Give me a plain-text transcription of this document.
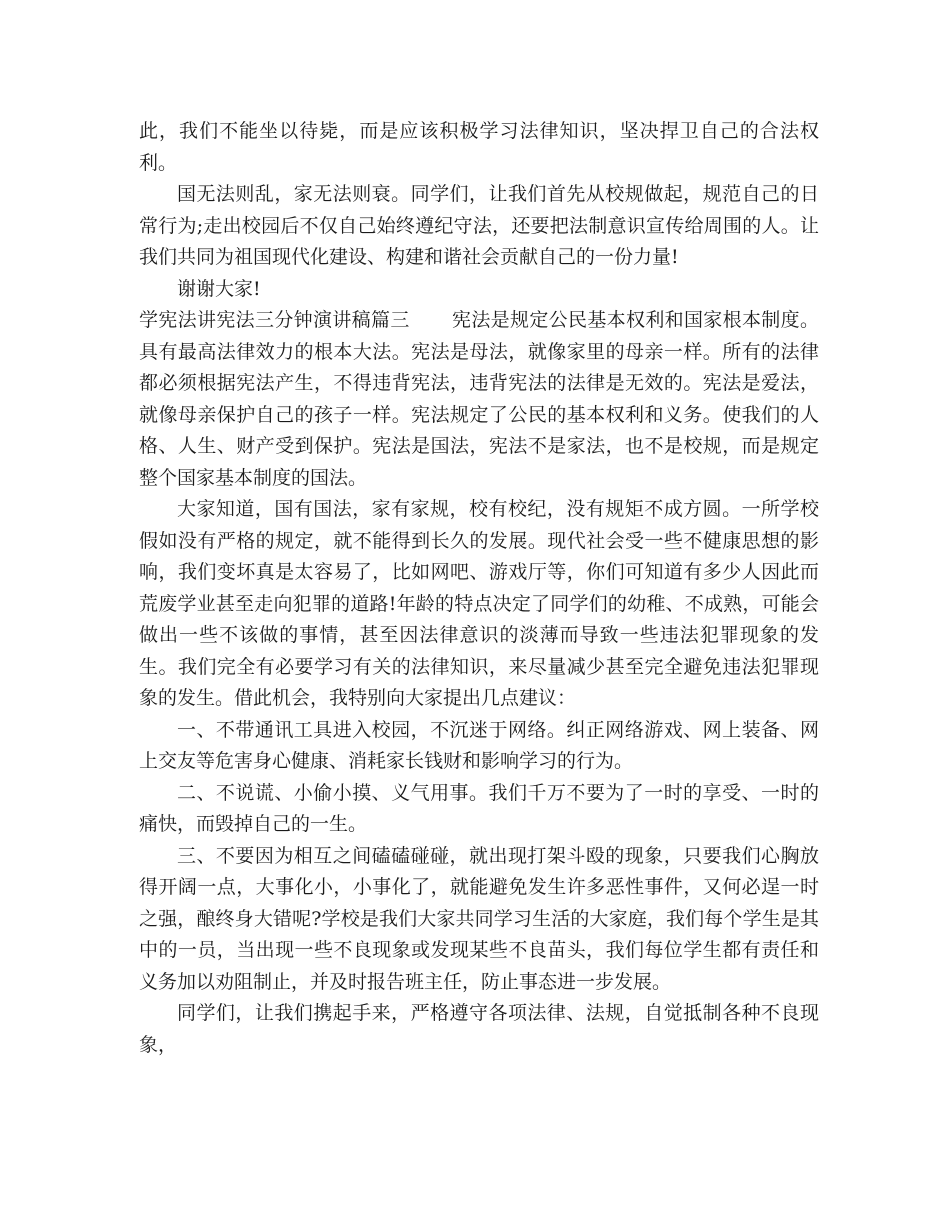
此，我们不能坐以待毙，而是应该积极学习法律知识，坚决捍卫自己的合法权利。

国无法则乱，家无法则衰。同学们，让我们首先从校规做起，规范自己的日常行为;走出校园后不仅自己始终遵纪守法，还要把法制意识宣传给周围的人。让我们共同为祖国现代化建设、构建和谐社会贡献自己的一份力量!

谢谢大家!

学宪法讲宪法三分钟演讲稿篇三 宪法是规定公民基本权利和国家根本制度。具有最高法律效力的根本大法。宪法是母法，就像家里的母亲一样。所有的法律都必须根据宪法产生，不得违背宪法，违背宪法的法律是无效的。宪法是爱法，就像母亲保护自己的孩子一样。宪法规定了公民的基本权利和义务。使我们的人格、人生、财产受到保护。宪法是国法，宪法不是家法，也不是校规，而是规定整个国家基本制度的国法。

大家知道，国有国法，家有家规，校有校纪，没有规矩不成方圆。一所学校假如没有严格的规定，就不能得到长久的发展。现代社会受一些不健康思想的影响，我们变坏真是太容易了，比如网吧、游戏厅等，你们可知道有多少人因此而荒废学业甚至走向犯罪的道路!年龄的特点决定了同学们的幼稚、不成熟，可能会做出一些不该做的事情，甚至因法律意识的淡薄而导致一些违法犯罪现象的发生。我们完全有必要学习有关的法律知识，来尽量减少甚至完全避免违法犯罪现象的发生。借此机会，我特别向大家提出几点建议：

一、不带通讯工具进入校园，不沉迷于网络。纠正网络游戏、网上装备、网上交友等危害身心健康、消耗家长钱财和影响学习的行为。

二、不说谎、小偷小摸、义气用事。我们千万不要为了一时的享受、一时的痛快，而毁掉自己的一生。

三、不要因为相互之间磕磕碰碰，就出现打架斗殴的现象，只要我们心胸放得开阔一点，大事化小，小事化了，就能避免发生许多恶性事件，又何必逞一时之强，酿终身大错呢?学校是我们大家共同学习生活的大家庭，我们每个学生是其中的一员，当出现一些不良现象或发现某些不良苗头，我们每位学生都有责任和义务加以劝阻制止，并及时报告班主任，防止事态进一步发展。

同学们，让我们携起手来，严格遵守各项法律、法规，自觉抵制各种不良现象，
